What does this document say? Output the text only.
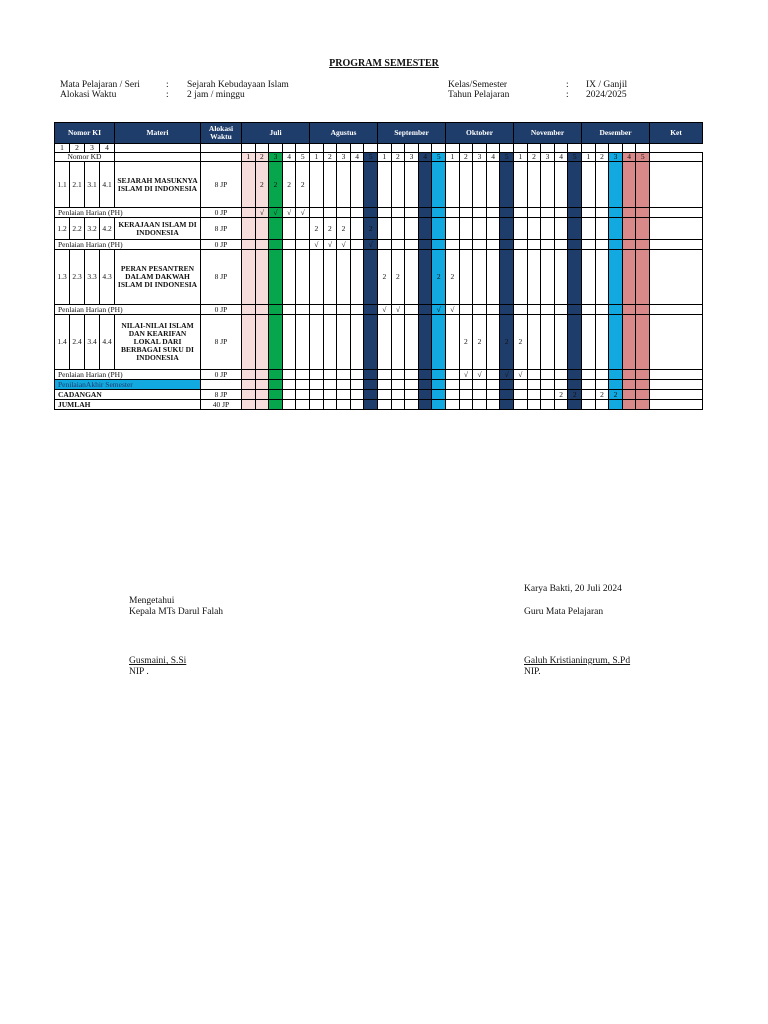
PROGRAM SEMESTER
Mata Pelajaran / Seri	: Sejarah Kebudayaan Islam
Alokasi Waktu	: 2 jam / minggu
Kelas/Semester	: IX / Ganjil
Tahun Pelajaran	: 2024/2025
Nomor KI				Materi	Alokasi Waktu	Juli					Agustus					September					Oktober					November					Desember					Ket
1	2	3	4																																	
Nomor KD						1	2	3	4	5	1	2	3	4	5	1	2	3	4	5	1	2	3	4	5	1	2	3	4	5	1	2	3	4	5	
1.1	2.1	3.1	4.1	SEJARAH MASUKNYA ISLAM DI INDONESIA	8 JP		2	2	2	2																										
Penlaian Harian (PH)					0 JP		√	√	√	√																										
1.2	2.2	3.2	4.2	KERAJAAN ISLAM DI INDONESIA	8 JP						2	2	2		2																					
Penlaian Harian (PH)					0 JP						√	√	√		√																					
1.3	2.3	3.3	4.3	PERAN PESANTREN DALAM DAKWAH ISLAM DI INDONESIA	8 JP											2	2			2	2															
Penlaian Harian (PH)					0 JP											√	√			√	√															
1.4	2.4	3.4	4.4	NILAI-NILAI ISLAM DAN KEARIFAN LOKAL DARI BERBAGAI SUKU DI INDONESIA	8 JP																	2	2		2	2										
Penlaian Harian (PH)					0 JP																	√	√		√	√										
PenilaianAkhir Semester																																				
CADANGAN					8 JP																								2	2		2	2			
JUMLAH					40 JP																															
Karya Bakti, 20 Juli 2024
Mengetahui
Kepala MTs Darul Falah	Guru Mata Pelajaran
Gusmaini, S.Si
NIP .
Galuh Kristianingrum, S.Pd
NIP.
